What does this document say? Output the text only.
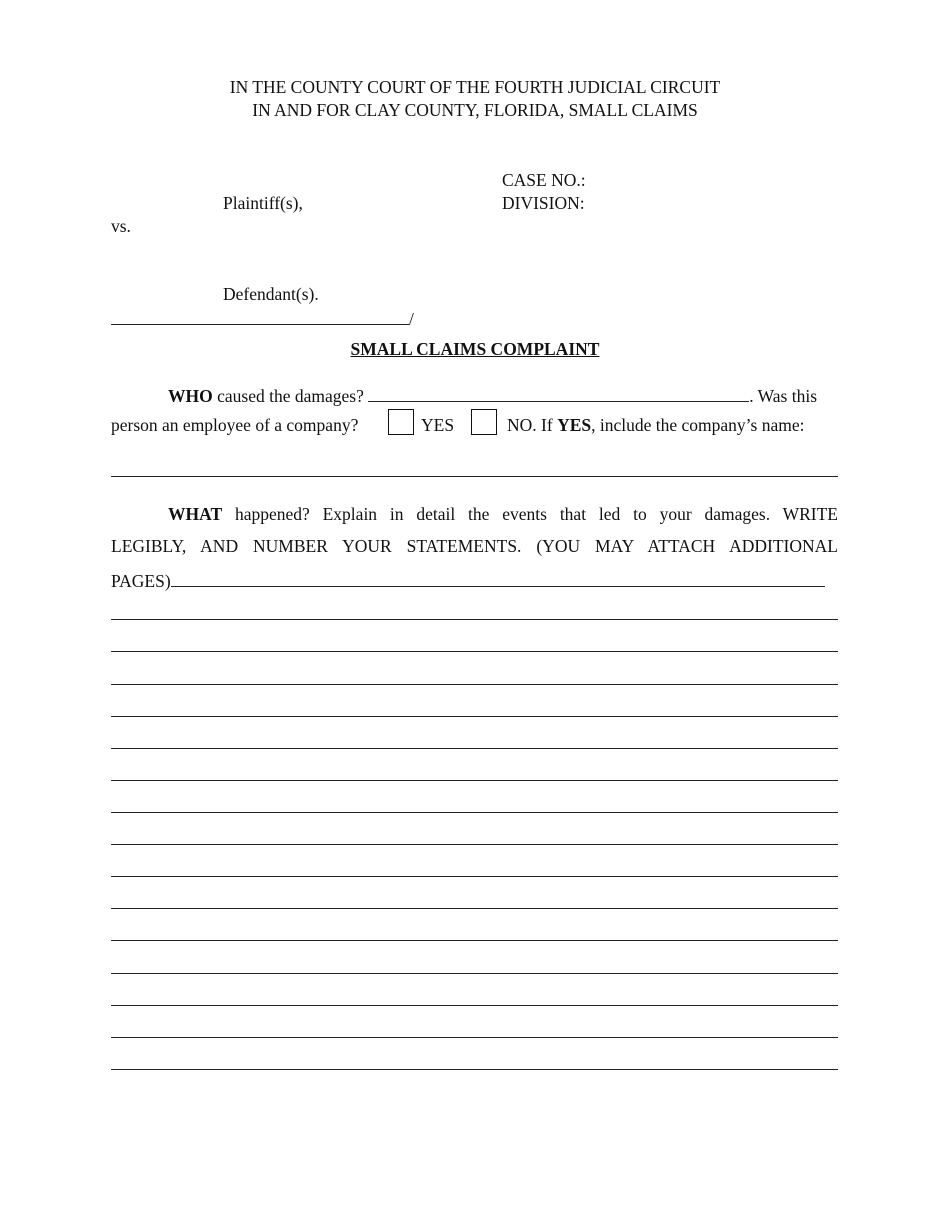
IN THE COUNTY COURT OF THE FOURTH JUDICIAL CIRCUIT
IN AND FOR CLAY COUNTY, FLORIDA, SMALL CLAIMS
CASE NO.:
Plaintiff(s),	DIVISION:
vs.
Defendant(s).
/
SMALL CLAIMS COMPLAINT
WHO caused the damages?	. Was this
person an employee of a company?	YES	NO. If YES, include the company’s name:
WHAT happened? Explain in detail the events that led to your damages. WRITE
LEGIBLY, AND NUMBER YOUR STATEMENTS. (YOU MAY ATTACH ADDITIONAL
PAGES)
